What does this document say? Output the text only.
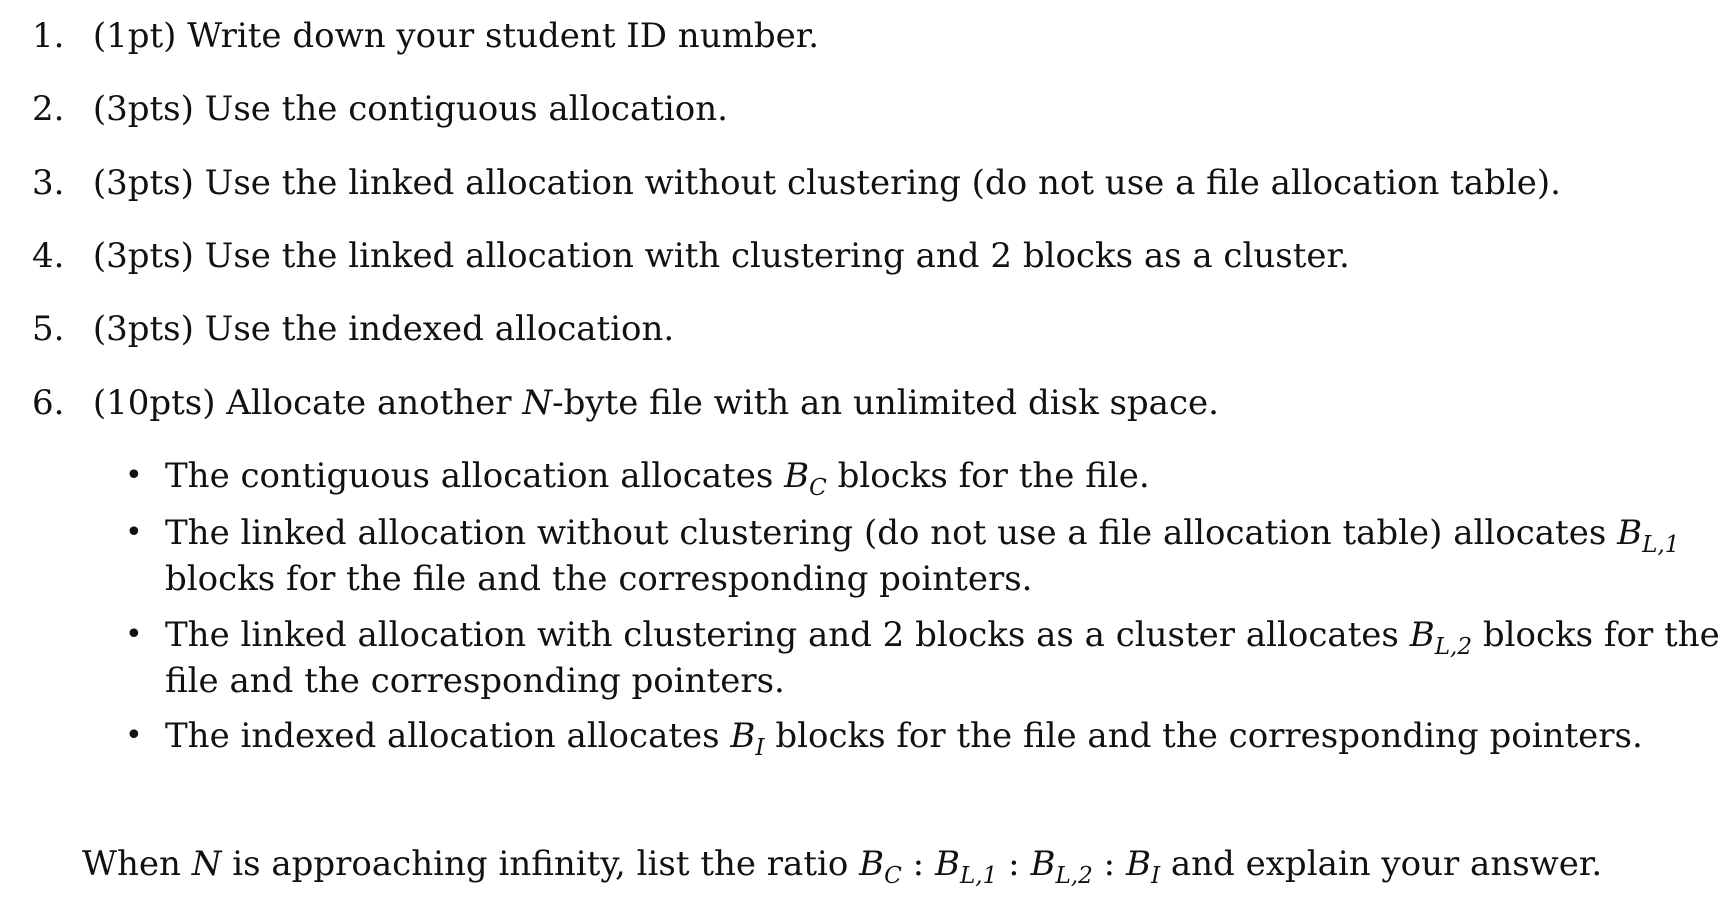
1. (1pt) Write down your student ID number.
2. (3pts) Use the contiguous allocation.
3. (3pts) Use the linked allocation without clustering (do not use a file allocation table).
4. (3pts) Use the linked allocation with clustering and 2 blocks as a cluster.
5. (3pts) Use the indexed allocation.
6. (10pts) Allocate another N-byte file with an unlimited disk space.
• The contiguous allocation allocates $B_C$ blocks for the file.
• The linked allocation without clustering (do not use a file allocation table) allocates $B_{L,1}$
blocks for the file and the corresponding pointers.
• The linked allocation with clustering and 2 blocks as a cluster allocates $B_{L,2}$ blocks for the
file and the corresponding pointers.
• The indexed allocation allocates $B_I$ blocks for the file and the corresponding pointers.
When N is approaching infinity, list the ratio $B_C$ : $B_{L,1}$ : $B_{L,2}$ : $B_I$ and explain your answer.
